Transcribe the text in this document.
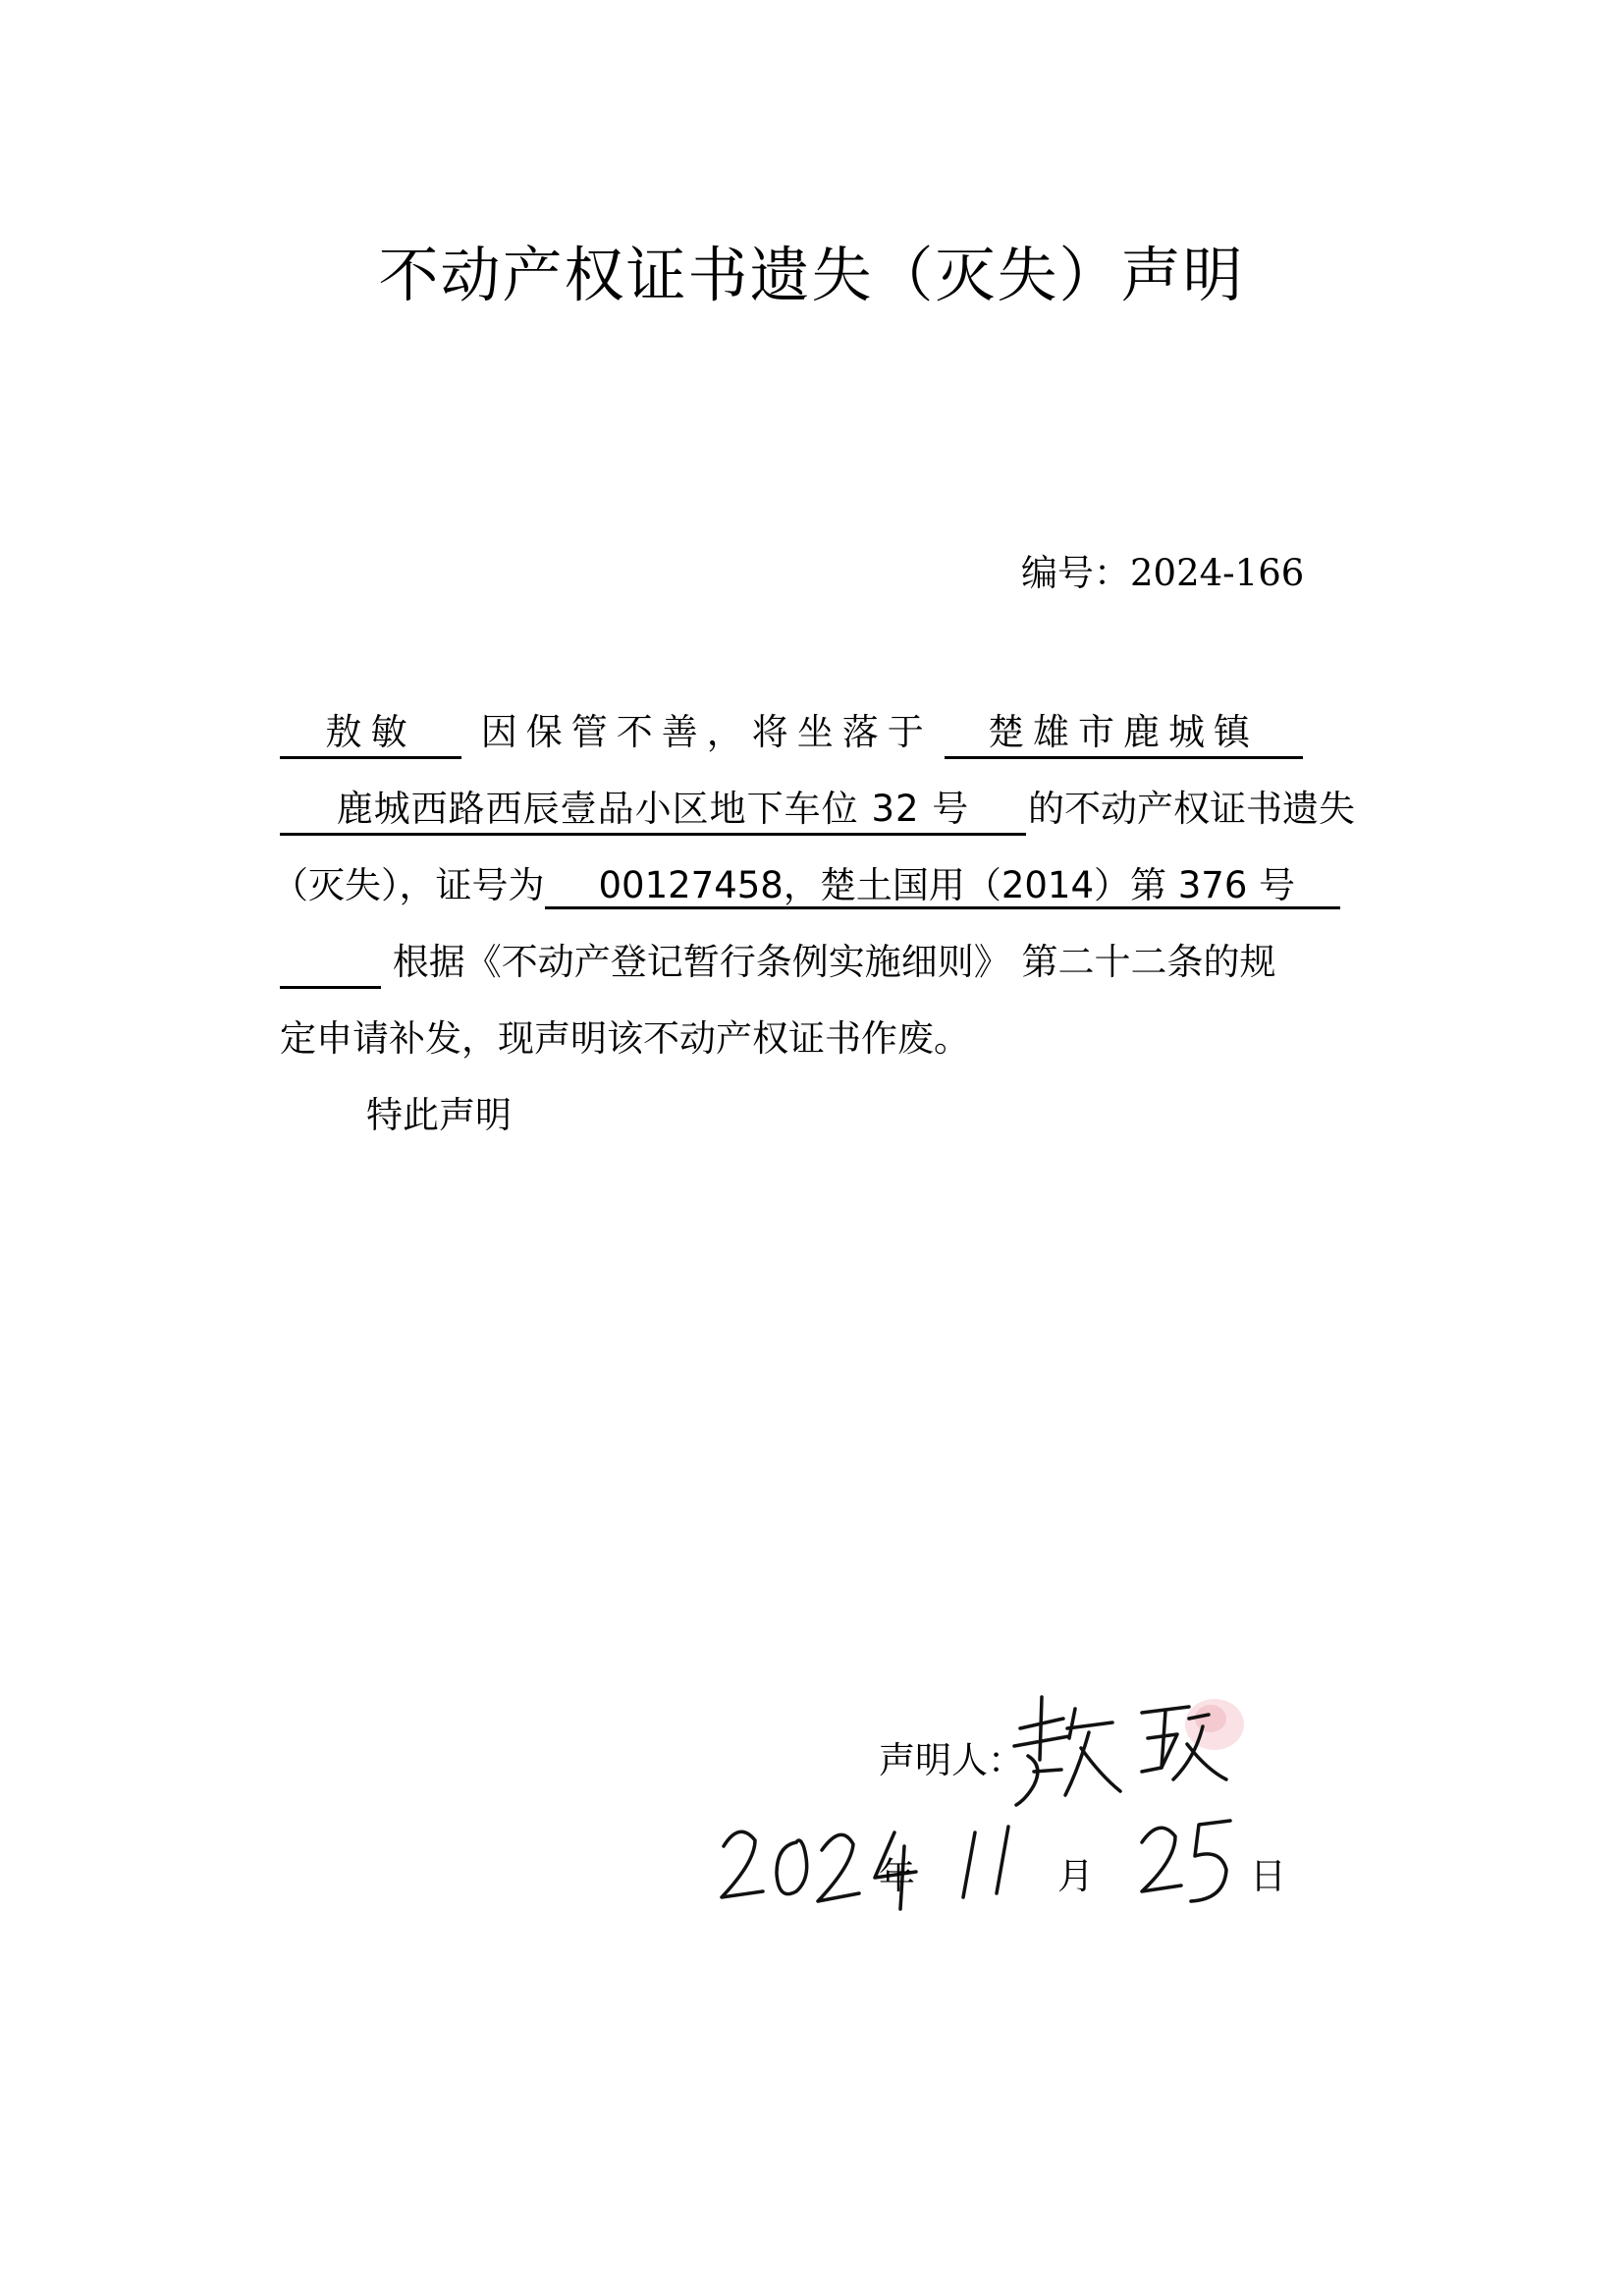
不动产权证书遗失（灭失）声明
编号：2024-166
敖敏 因保管不善，将坐落于 楚雄市鹿城镇
鹿城西路西辰壹品小区地下车位 32 号 的不动产权证书遗失
（灭失），证号为 00127458，楚土国用（2014）第 376 号
根据《不动产登记暂行条例实施细则》 第二十二条的规
定申请补发，现声明该不动产权证书作废。
特此声明
声明人：
年	月	日
